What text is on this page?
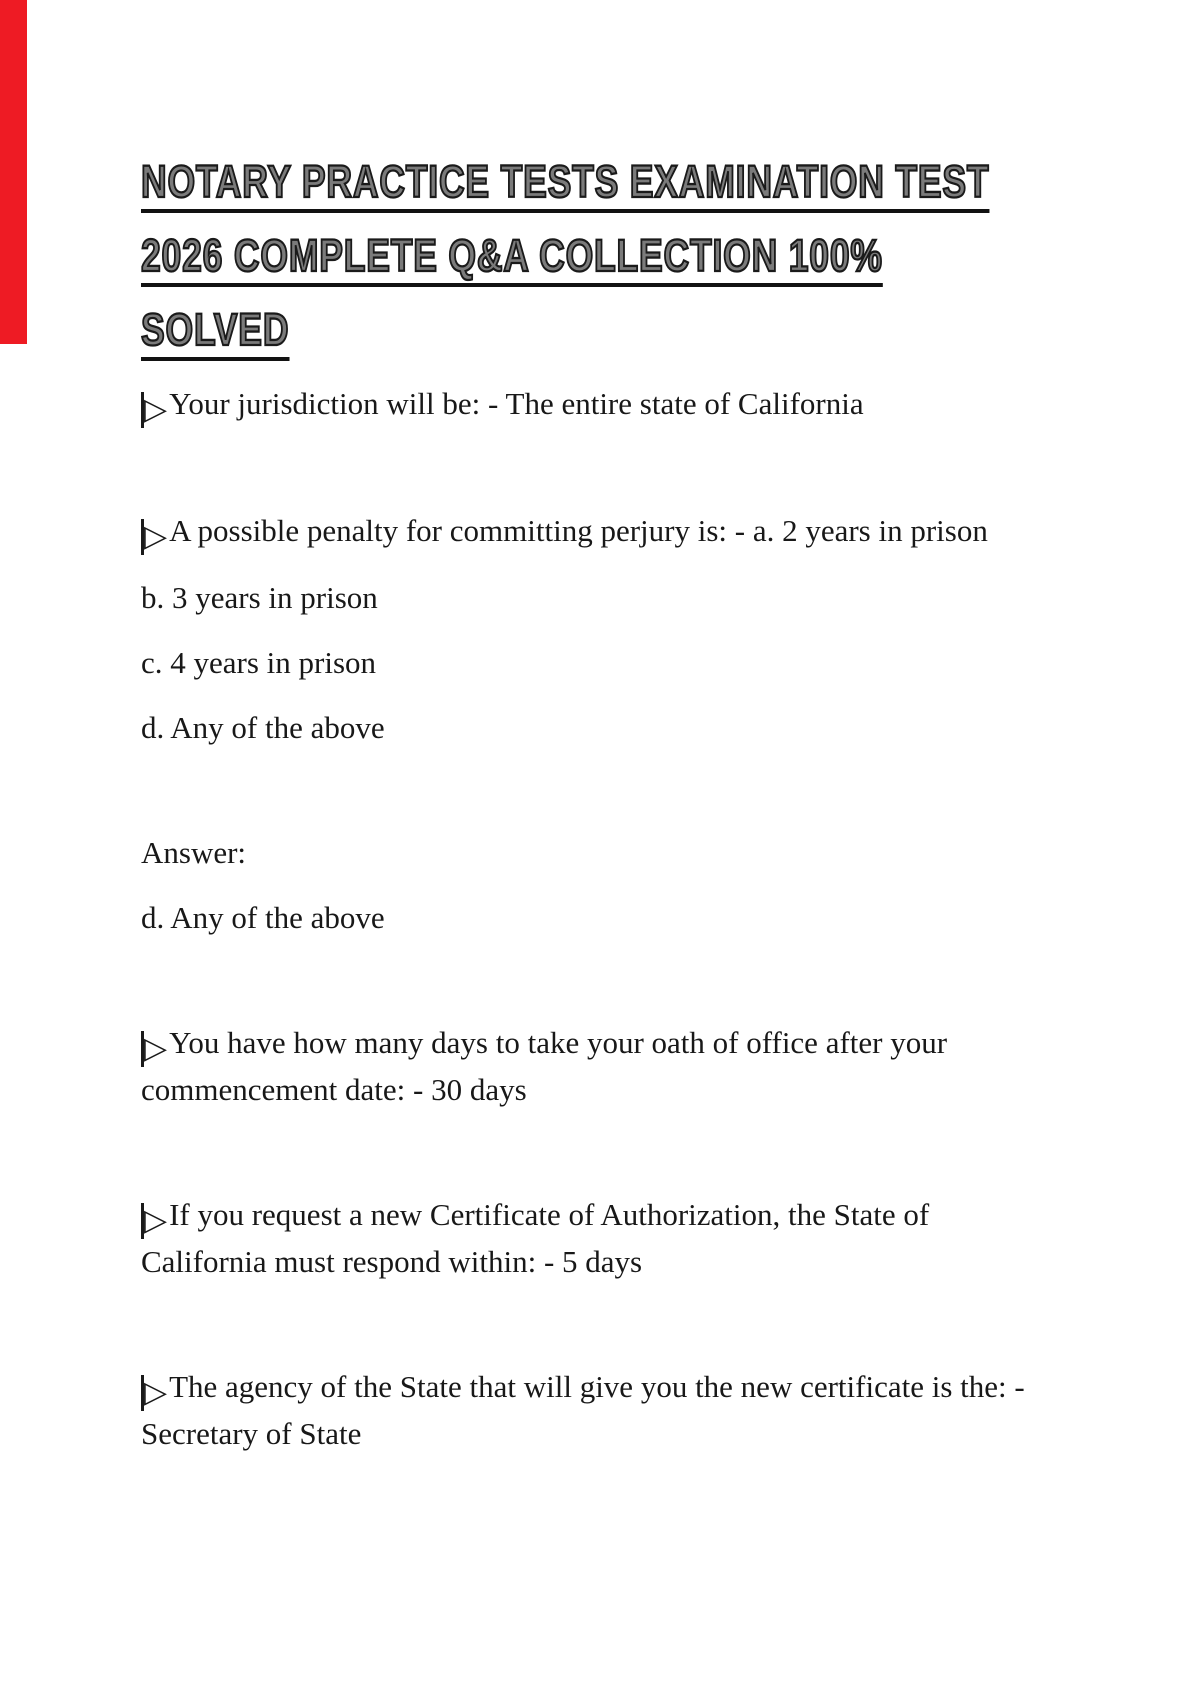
NOTARY PRACTICE TESTS EXAMINATION TEST
2026 COMPLETE Q&A COLLECTION 100%
SOLVED

▷Your jurisdiction will be: - The entire state of California

▷A possible penalty for committing perjury is: - a. 2 years in prison

b. 3 years in prison

c. 4 years in prison

d. Any of the above

Answer:

d. Any of the above

▷You have how many days to take your oath of office after your
commencement date: - 30 days

▷If you request a new Certificate of Authorization, the State of
California must respond within: - 5 days

▷The agency of the State that will give you the new certificate is the: -
Secretary of State
